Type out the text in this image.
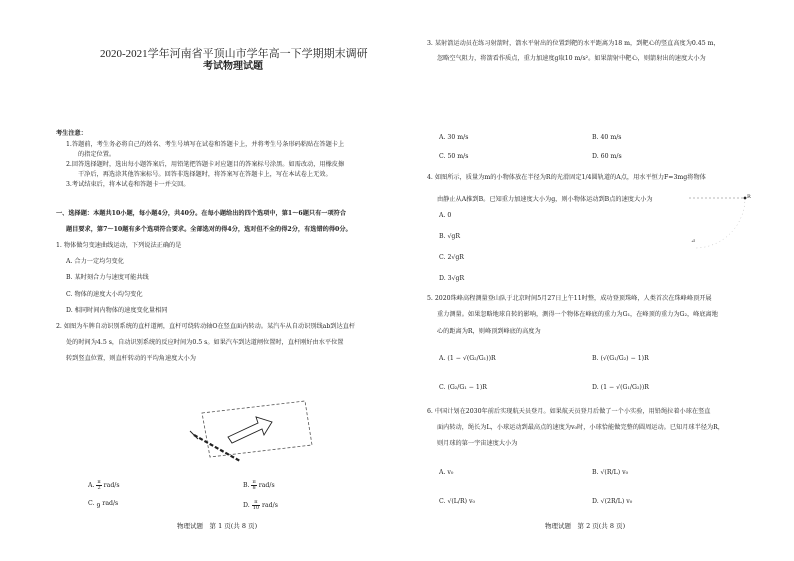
2020-2021学年河南省平顶山市学年高一下学期期末调研
考试物理试题
考生注意：
1.答题前，考生务必将自己的姓名、考生号填写在试卷和答题卡上，并将考生号条形码粘贴在答题卡上
的指定位置。
2.回答选择题时，选出每小题答案后，用铅笔把答题卡对应题目的答案标号涂黑。如需改动，用橡皮擦
干净后，再选涂其他答案标号。回答非选择题时，将答案写在答题卡上，写在本试卷上无效。
3.考试结束后，将本试卷和答题卡一并交回。
一、选择题：本题共10小题，每小题4分，共40分。在每小题给出的四个选项中，第1～6题只有一项符合
题目要求，第7～10题有多个选项符合要求。全部选对的得4分，选对但不全的得2分，有选错的得0分。
1. 物体做匀变速曲线运动，下列说法正确的是
A. 合力一定均匀变化
B. 某时刻合力与速度可能共线
C. 物体的速度大小均匀变化
D. 相同时间内物体的速度变化量相同
2. 如图为车牌自动识别系统的直杆道闸，直杆可绕转动轴O在竖直面内转动。某汽车从自动识别线ab到达直杆
处的时间为4.5 s，自动识别系统的反应时间为0.5 s。如果汽车到达道闸位置时，直杆刚好由水平位置
转到竖直位置，则直杆转动的平均角速度大小为
A. $\frac{\pi}{2} rad/s$	B. $\frac{\pi}{8} rad/s$
C. 9 rad/s	D. $\frac{\pi}{10} rad/s$
物理试题　第 1 页(共 8 页)
3. 某射箭运动员在练习射箭时，箭水平射出的位置到靶的水平距离为18 m，到靶心的竖直高度为0.45 m，
忽略空气阻力，将箭看作质点，重力加速度g取10 m/s²。如果箭射中靶心，则箭射出的速度大小为
A. 30 m/s	B. 40 m/s
C. 50 m/s	D. 60 m/s
4. 如图所示，质量为m的小物体放在半径为R的光滑固定1/4圆轨道的A点，用水平恒力F=3mg将物体
由静止从A推到B。已知重力加速度大小为g，则小物体运动到B点的速度大小为
A. 0
B. √gR
C. 2√gR
D. 3√gR
⊿
R
5. 2020珠峰高程测量登山队于北京时间5月27日上午11时整，成功登顶珠峰，人类首次在珠峰峰顶开展
重力测量。如果忽略地球自转的影响，测得一个物体在峰底的重力为G₁，在峰顶的重力为G₂，峰底离地
心的距离为R，则峰顶到峰底的高度为
A. (1 − √(G₂/G₁))R	B. (√(G₁/G₂) − 1)R
C. (G₂/G₁ − 1)R	D. (1 − √(G₁/G₂))R
6. 中国计划在2030年前后实现航天员登月。如果航天员登月后做了一个小实验，用铅绳拉着小球在竖直
面内转动，绳长为L，小球运动到最高点的速度为v₀时，小球恰能做完整的圆周运动。已知月球半径为R，
则月球的第一宇宙速度大小为
A. v₀	B. √(R/L) v₀
C. √(L/R) v₀	D. √(2R/L) v₀
物理试题　第 2 页(共 8 页)
